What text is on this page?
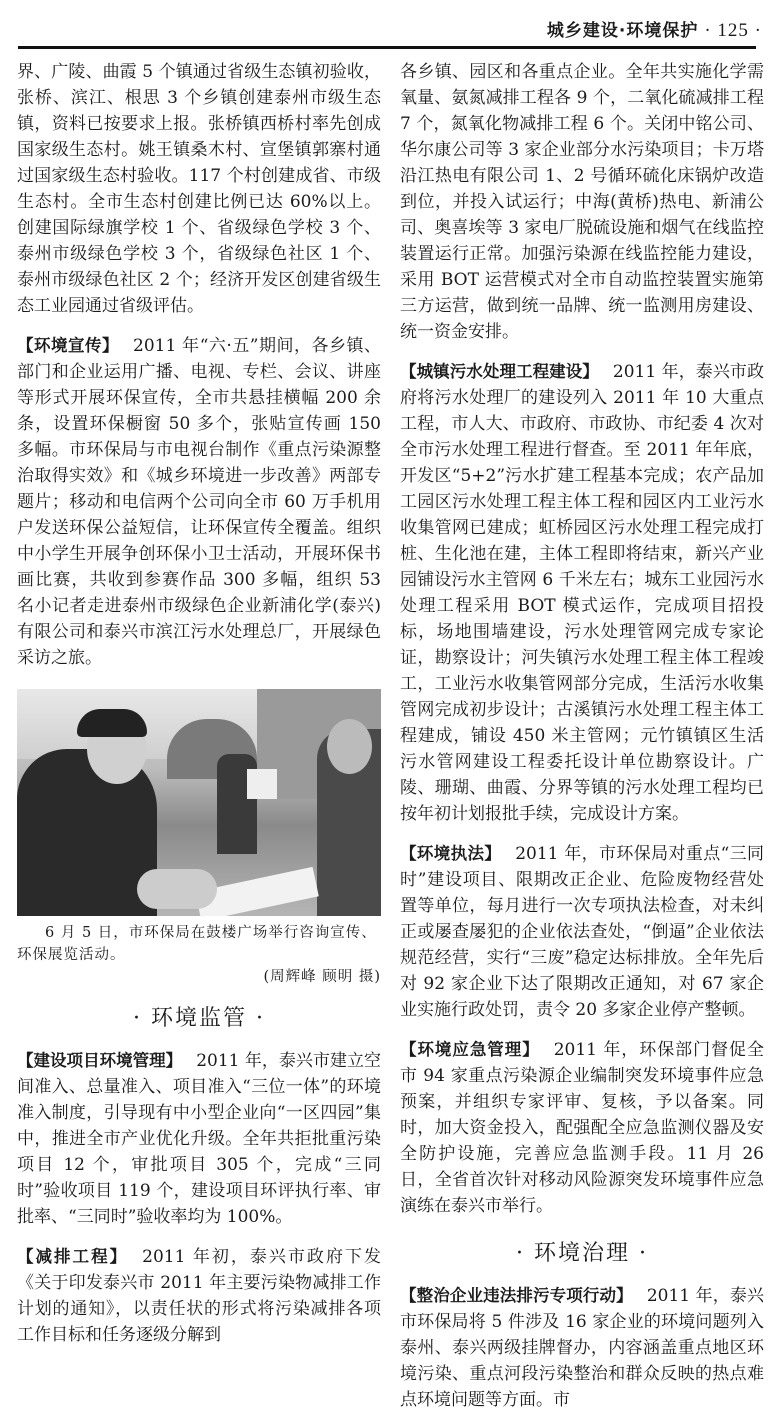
城乡建设·环境保护 · 125 ·

界、广陵、曲霞 5 个镇通过省级生态镇初验收，张桥、滨江、根思 3 个乡镇创建泰州市级生态镇，资料已按要求上报。张桥镇西桥村率先创成国家级生态村。姚王镇桑木村、宣堡镇郭寨村通过国家级生态村验收。117 个村创建成省、市级生态村。全市生态村创建比例已达 60%以上。创建国际绿旗学校 1 个、省级绿色学校 3 个、泰州市级绿色学校 3 个，省级绿色社区 1 个、泰州市级绿色社区 2 个；经济开发区创建省级生态工业园通过省级评估。

【环境宣传】 2011 年“六·五”期间，各乡镇、部门和企业运用广播、电视、专栏、会议、讲座等形式开展环保宣传，全市共悬挂横幅 200 余条，设置环保橱窗 50 多个，张贴宣传画 150 多幅。市环保局与市电视台制作《重点污染源整治取得实效》和《城乡环境进一步改善》两部专题片；移动和电信两个公司向全市 60 万手机用户发送环保公益短信，让环保宣传全覆盖。组织中小学生开展争创环保小卫士活动，开展环保书画比赛，共收到参赛作品 300 多幅，组织 53 名小记者走进泰州市级绿色企业新浦化学(泰兴)有限公司和泰兴市滨江污水处理总厂，开展绿色采访之旅。

6 月 5 日，市环保局在鼓楼广场举行咨询宣传、环保展览活动。
(周辉峰 顾明 摄)
· 环境监管 ·

【建设项目环境管理】 2011 年，泰兴市建立空间准入、总量准入、项目准入“三位一体”的环境准入制度，引导现有中小型企业向“一区四园”集中，推进全市产业优化升级。全年共拒批重污染项目 12 个，审批项目 305 个，完成“三同时”验收项目 119 个，建设项目环评执行率、审批率、“三同时”验收率均为 100%。

【减排工程】 2011 年初，泰兴市政府下发《关于印发泰兴市 2011 年主要污染物减排工作计划的通知》，以责任状的形式将污染减排各项工作目标和任务逐级分解到

各乡镇、园区和各重点企业。全年共实施化学需氧量、氨氮减排工程各 9 个，二氧化硫减排工程 7 个，氮氧化物减排工程 6 个。关闭中铭公司、华尔康公司等 3 家企业部分水污染项目；卡万塔沿江热电有限公司 1、2 号循环硫化床锅炉改造到位，并投入试运行；中海(黄桥)热电、新浦公司、奥喜埃等 3 家电厂脱硫设施和烟气在线监控装置运行正常。加强污染源在线监控能力建设，采用 BOT 运营模式对全市自动监控装置实施第三方运营，做到统一品牌、统一监测用房建设、统一资金安排。

【城镇污水处理工程建设】 2011 年，泰兴市政府将污水处理厂的建设列入 2011 年 10 大重点工程，市人大、市政府、市政协、市纪委 4 次对全市污水处理工程进行督查。至 2011 年年底，开发区“5+2”污水扩建工程基本完成；农产品加工园区污水处理工程主体工程和园区内工业污水收集管网已建成；虹桥园区污水处理工程完成打桩、生化池在建，主体工程即将结束，新兴产业园铺设污水主管网 6 千米左右；城东工业园污水处理工程采用 BOT 模式运作，完成项目招投标，场地围墙建设，污水处理管网完成专家论证，勘察设计；河失镇污水处理工程主体工程竣工，工业污水收集管网部分完成，生活污水收集管网完成初步设计；古溪镇污水处理工程主体工程建成，铺设 450 米主管网；元竹镇镇区生活污水管网建设工程委托设计单位勘察设计。广陵、珊瑚、曲霞、分界等镇的污水处理工程均已按年初计划报批手续，完成设计方案。

【环境执法】 2011 年，市环保局对重点“三同时”建设项目、限期改正企业、危险废物经营处置等单位，每月进行一次专项执法检查，对未纠正或屡查屡犯的企业依法查处，“倒逼”企业依法规范经营，实行“三废”稳定达标排放。全年先后对 92 家企业下达了限期改正通知，对 67 家企业实施行政处罚，责令 20 多家企业停产整顿。

【环境应急管理】 2011 年，环保部门督促全市 94 家重点污染源企业编制突发环境事件应急预案，并组织专家评审、复核，予以备案。同时，加大资金投入，配强配全应急监测仪器及安全防护设施，完善应急监测手段。11 月 26 日，全省首次针对移动风险源突发环境事件应急演练在泰兴市举行。

· 环境治理 ·

【整治企业违法排污专项行动】 2011 年，泰兴市环保局将 5 件涉及 16 家企业的环境问题列入泰州、泰兴两级挂牌督办，内容涵盖重点地区环境污染、重点河段污染整治和群众反映的热点难点环境问题等方面。市
